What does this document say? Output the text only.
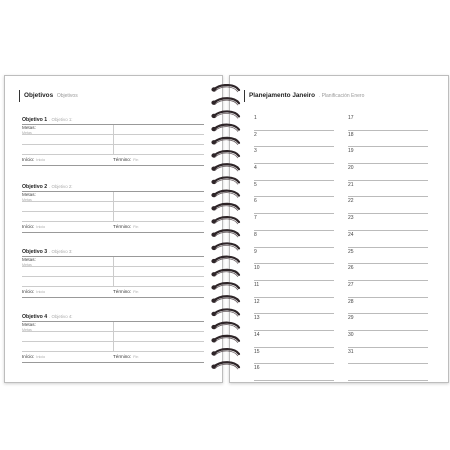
Objetivos Objetivos
Objetivo 1 . Objetivo 1:
Metas:
Metas
Início: Inicio	Término: Fin
Objetivo 2 . Objetivo 2:
Metas:
Metas
Início: Inicio	Término: Fin
Objetivo 3 . Objetivo 3:
Metas:
Metas
Início: Inicio	Término: Fin
Objetivo 4 . Objetivo 4:
Metas:
Metas
Início: Inicio	Término: Fin
Planejamento Janeiro . Planificación Enero
1
2
3
4
5
6
7
8
9
10
11
12
13
14
15
16
17
18
19
20
21
22
23
24
25
26
27
28
29
30
31
